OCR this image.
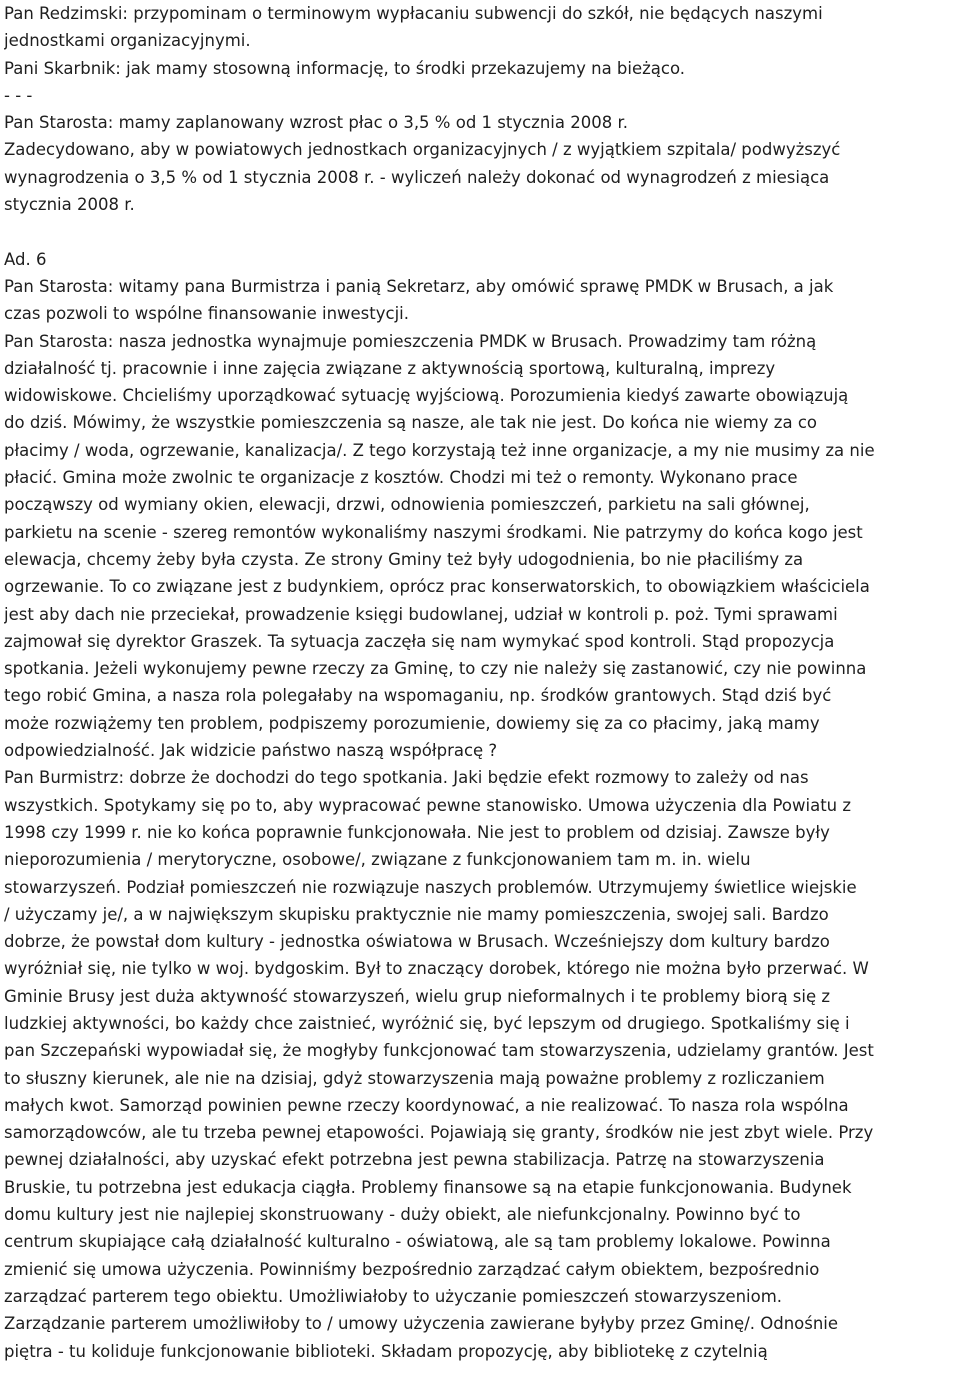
Pan Redzimski: przypominam o terminowym wypłacaniu subwencji do szkół, nie będących naszymi
jednostkami organizacyjnymi.
Pani Skarbnik: jak mamy stosowną informację, to środki przekazujemy na bieżąco.
- - -
Pan Starosta: mamy zaplanowany wzrost płac o 3,5 % od 1 stycznia 2008 r.
Zadecydowano, aby w powiatowych jednostkach organizacyjnych / z wyjątkiem szpitala/ podwyższyć
wynagrodzenia o 3,5 % od 1 stycznia 2008 r. - wyliczeń należy dokonać od wynagrodzeń z miesiąca
stycznia 2008 r.
Ad. 6
Pan Starosta: witamy pana Burmistrza i panią Sekretarz, aby omówić sprawę PMDK w Brusach, a jak
czas pozwoli to wspólne finansowanie inwestycji.
Pan Starosta: nasza jednostka wynajmuje pomieszczenia PMDK w Brusach. Prowadzimy tam różną
działalność tj. pracownie i inne zajęcia związane z aktywnością sportową, kulturalną, imprezy
widowiskowe. Chcieliśmy uporządkować sytuację wyjściową. Porozumienia kiedyś zawarte obowiązują
do dziś. Mówimy, że wszystkie pomieszczenia są nasze, ale tak nie jest. Do końca nie wiemy za co
płacimy / woda, ogrzewanie, kanalizacja/. Z tego korzystają też inne organizacje, a my nie musimy za nie
płacić. Gmina może zwolnic te organizacje z kosztów. Chodzi mi też o remonty. Wykonano prace
począwszy od wymiany okien, elewacji, drzwi, odnowienia pomieszczeń, parkietu na sali głównej,
parkietu na scenie - szereg remontów wykonaliśmy naszymi środkami. Nie patrzymy do końca kogo jest
elewacja, chcemy żeby była czysta. Ze strony Gminy też były udogodnienia, bo nie płaciliśmy za
ogrzewanie. To co związane jest z budynkiem, oprócz prac konserwatorskich, to obowiązkiem właściciela
jest aby dach nie przeciekał, prowadzenie księgi budowlanej, udział w kontroli p. poż. Tymi sprawami
zajmował się dyrektor Graszek. Ta sytuacja zaczęła się nam wymykać spod kontroli. Stąd propozycja
spotkania. Jeżeli wykonujemy pewne rzeczy za Gminę, to czy nie należy się zastanowić, czy nie powinna
tego robić Gmina, a nasza rola polegałaby na wspomaganiu, np. środków grantowych. Stąd dziś być
może rozwiążemy ten problem, podpiszemy porozumienie, dowiemy się za co płacimy, jaką mamy
odpowiedzialność. Jak widzicie państwo naszą współpracę ?
Pan Burmistrz: dobrze że dochodzi do tego spotkania. Jaki będzie efekt rozmowy to zależy od nas
wszystkich. Spotykamy się po to, aby wypracować pewne stanowisko. Umowa użyczenia dla Powiatu z
1998 czy 1999 r. nie ko końca poprawnie funkcjonowała. Nie jest to problem od dzisiaj. Zawsze były
nieporozumienia / merytoryczne, osobowe/, związane z funkcjonowaniem tam m. in. wielu
stowarzyszeń. Podział pomieszczeń nie rozwiązuje naszych problemów. Utrzymujemy świetlice wiejskie
/ użyczamy je/, a w największym skupisku praktycznie nie mamy pomieszczenia, swojej sali. Bardzo
dobrze, że powstał dom kultury - jednostka oświatowa w Brusach. Wcześniejszy dom kultury bardzo
wyróżniał się, nie tylko w woj. bydgoskim. Był to znaczący dorobek, którego nie można było przerwać. W
Gminie Brusy jest duża aktywność stowarzyszeń, wielu grup nieformalnych i te problemy biorą się z
ludzkiej aktywności, bo każdy chce zaistnieć, wyróżnić się, być lepszym od drugiego. Spotkaliśmy się i
pan Szczepański wypowiadał się, że mogłyby funkcjonować tam stowarzyszenia, udzielamy grantów. Jest
to słuszny kierunek, ale nie na dzisiaj, gdyż stowarzyszenia mają poważne problemy z rozliczaniem
małych kwot. Samorząd powinien pewne rzeczy koordynować, a nie realizować. To nasza rola wspólna
samorządowców, ale tu trzeba pewnej etapowości. Pojawiają się granty, środków nie jest zbyt wiele. Przy
pewnej działalności, aby uzyskać efekt potrzebna jest pewna stabilizacja. Patrzę na stowarzyszenia
Bruskie, tu potrzebna jest edukacja ciągła. Problemy finansowe są na etapie funkcjonowania. Budynek
domu kultury jest nie najlepiej skonstruowany - duży obiekt, ale niefunkcjonalny. Powinno być to
centrum skupiające całą działalność kulturalno - oświatową, ale są tam problemy lokalowe. Powinna
zmienić się umowa użyczenia. Powinniśmy bezpośrednio zarządzać całym obiektem, bezpośrednio
zarządzać parterem tego obiektu. Umożliwiałoby to użyczanie pomieszczeń stowarzyszeniom.
Zarządzanie parterem umożliwiłoby to / umowy użyczenia zawierane byłyby przez Gminę/. Odnośnie
piętra - tu koliduje funkcjonowanie biblioteki. Składam propozycję, aby bibliotekę z czytelnią
